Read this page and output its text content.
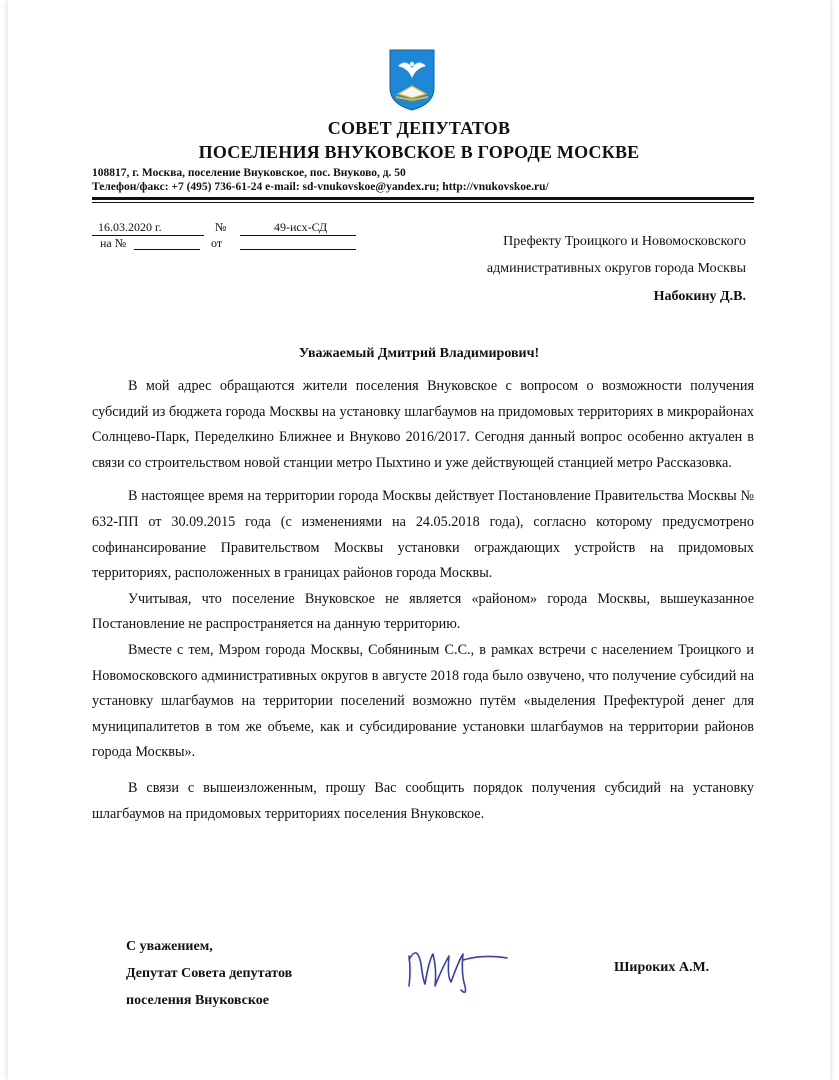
СОВЕТ ДЕПУТАТОВ
ПОСЕЛЕНИЯ ВНУКОВСКОЕ В ГОРОДЕ МОСКВЕ
108817, г. Москва, поселение Внуковское, пос. Внуково, д. 50
Телефон/факс: +7 (495) 736-61-24 e-mail: sd-vnukovskoe@yandex.ru; http://vnukovskoe.ru/
16.03.2020 г.	№	49-исх-СД
на №	от	Префекту Троицкого и Новомосковского
административных округов города Москвы
Набокину Д.В.
Уважаемый Дмитрий Владимирович!

В мой адрес обращаются жители поселения Внуковское с вопросом о возможности получения субсидий из бюджета города Москвы на установку шлагбаумов на придомовых территориях в микрорайонах Солнцево-Парк, Переделкино Ближнее и Внуково 2016/2017. Сегодня данный вопрос особенно актуален в связи со строительством новой станции метро Пыхтино и уже действующей станцией метро Рассказовка.

В настоящее время на территории города Москвы действует Постановление Правительства Москвы № 632-ПП от 30.09.2015 года (с изменениями на 24.05.2018 года), согласно которому предусмотрено софинансирование Правительством Москвы установки ограждающих устройств на придомовых территориях, расположенных в границах районов города Москвы.

Учитывая, что поселение Внуковское не является «районом» города Москвы, вышеуказанное Постановление не распространяется на данную территорию.

Вместе с тем, Мэром города Москвы, Собяниным С.С., в рамках встречи с населением Троицкого и Новомосковского административных округов в августе 2018 года было озвучено, что получение субсидий на установку шлагбаумов на территории поселений возможно путём «выделения Префектурой денег для муниципалитетов в том же объеме, как и субсидирование установки шлагбаумов на территории районов города Москвы».

В связи с вышеизложенным, прошу Вас сообщить порядок получения субсидий на установку шлагбаумов на придомовых территориях поселения Внуковское.

С уважением,
Депутат Совета депутатов
поселения Внуковское
Широких А.М.
